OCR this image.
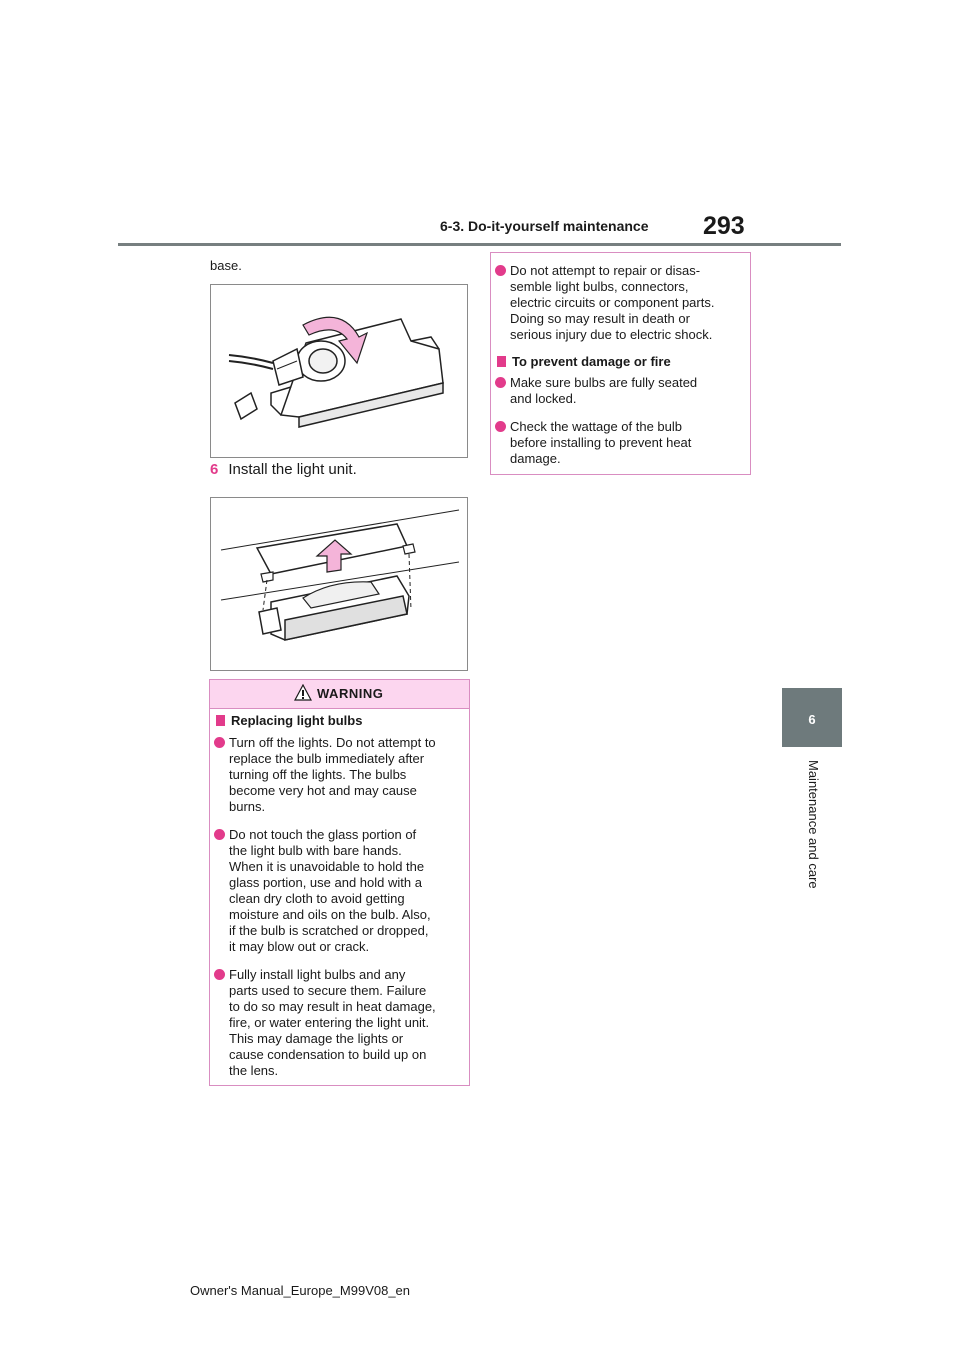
6-3. Do-it-yourself maintenance 293
6
Maintenance and care
base.
6 Install the light unit.
WARNING
Replacing light bulbs
Turn off the lights. Do not attempt to
replace the bulb immediately after
turning off the lights. The bulbs
become very hot and may cause
burns.
Do not touch the glass portion of
the light bulb with bare hands.
When it is unavoidable to hold the
glass portion, use and hold with a
clean dry cloth to avoid getting
moisture and oils on the bulb. Also,
if the bulb is scratched or dropped,
it may blow out or crack.
Fully install light bulbs and any
parts used to secure them. Failure
to do so may result in heat damage,
fire, or water entering the light unit.
This may damage the lights or
cause condensation to build up on
the lens.
Do not attempt to repair or disas-
semble light bulbs, connectors,
electric circuits or component parts.
Doing so may result in death or
serious injury due to electric shock.
To prevent damage or fire
Make sure bulbs are fully seated
and locked.
Check the wattage of the bulb
before installing to prevent heat
damage.
Owner's Manual_Europe_M99V08_en
